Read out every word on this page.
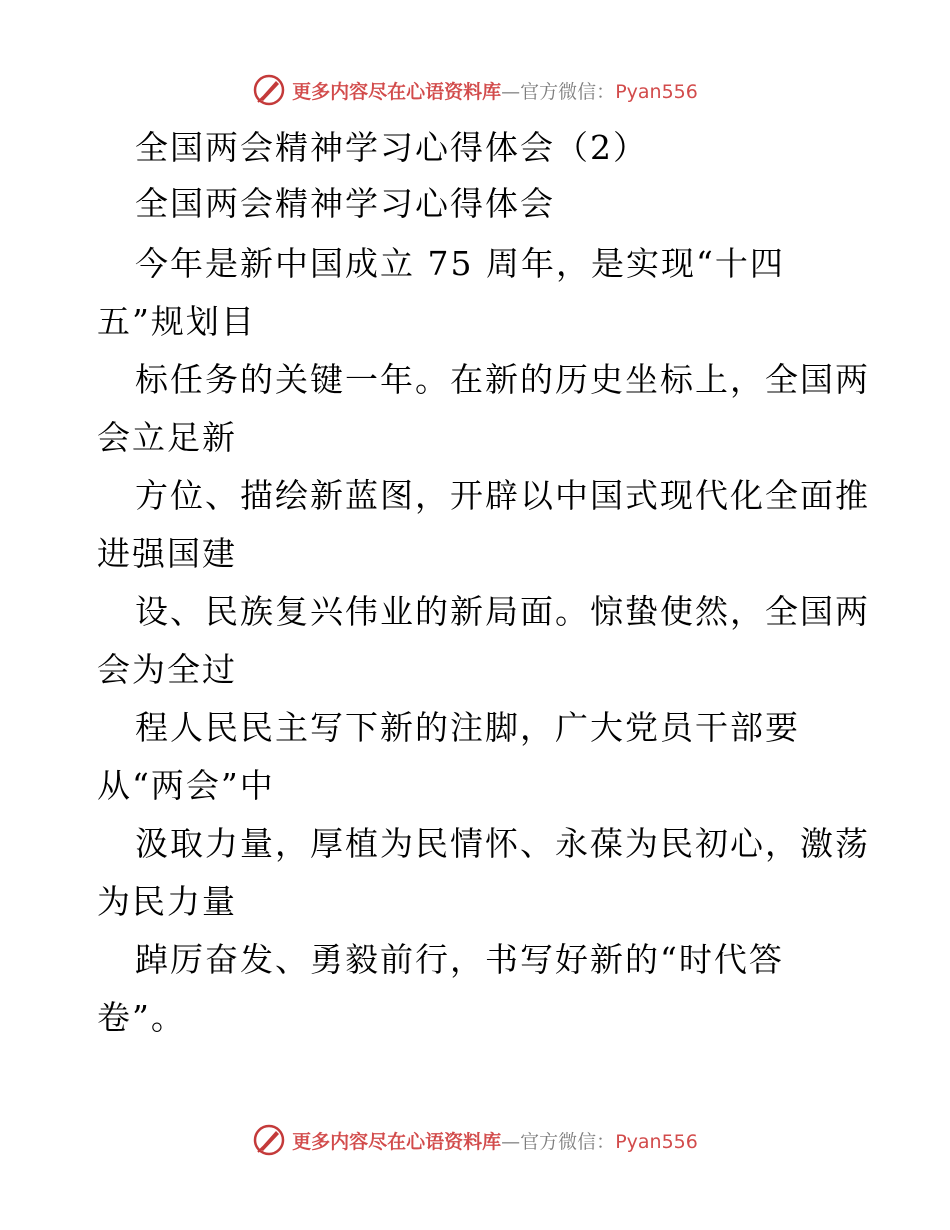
更多内容尽在心语资料库—官方微信：Pyan556
全国两会精神学习心得体会（2）
全国两会精神学习心得体会
今年是新中国成立 75 周年，是实现“十四
五”规划目
标任务的关键一年。在新的历史坐标上，全国两
会立足新
方位、描绘新蓝图，开辟以中国式现代化全面推
进强国建
设、民族复兴伟业的新局面。惊蛰使然，全国两
会为全过
程人民民主写下新的注脚，广大党员干部要
从“两会”中
汲取力量，厚植为民情怀、永葆为民初心，激荡
为民力量
踔厉奋发、勇毅前行，书写好新的“时代答
卷”。
更多内容尽在心语资料库—官方微信：Pyan556
